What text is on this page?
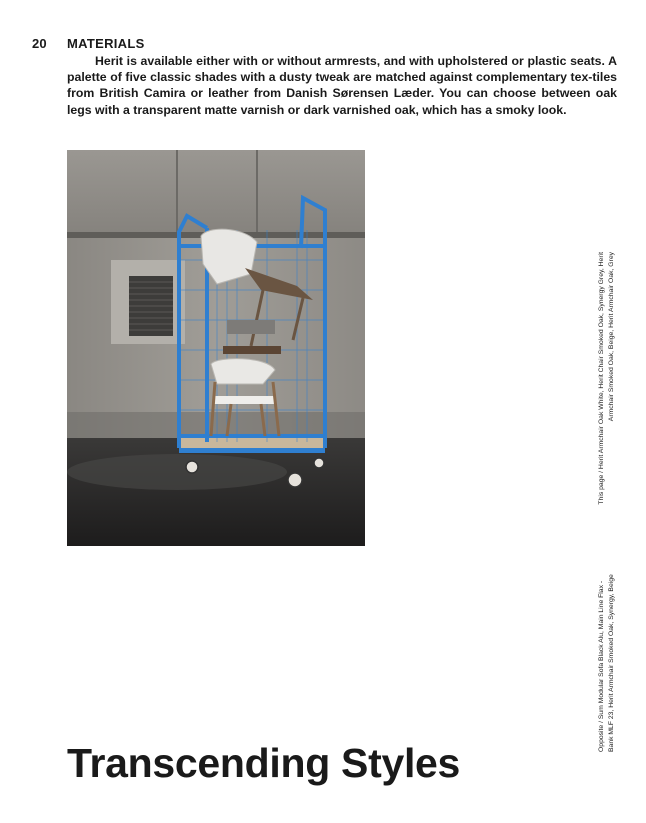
20 MATERIALS

Herit is available either with or without armrests, and with upholstered or plastic seats. A palette of five classic shades with a dusty tweak are matched against complementary tex-tiles from British Camira or leather from Danish Sørensen Læder. You can choose between oak legs with a transparent matte varnish or dark varnished oak, which has a smoky look.

Opposite / Sum Modular Sofa Black Alu, Main Line Flax -
This page / Herit Armchair Oak White, Herit Chair Smoked Oak, Synergy Grey, Herit
Bank MLF 23, Herit Armchair Smoked Oak, Synergy, Beige
Armchair Smoked Oak, Beige, Herit Armchair Oak, Grey
Transcending Styles
